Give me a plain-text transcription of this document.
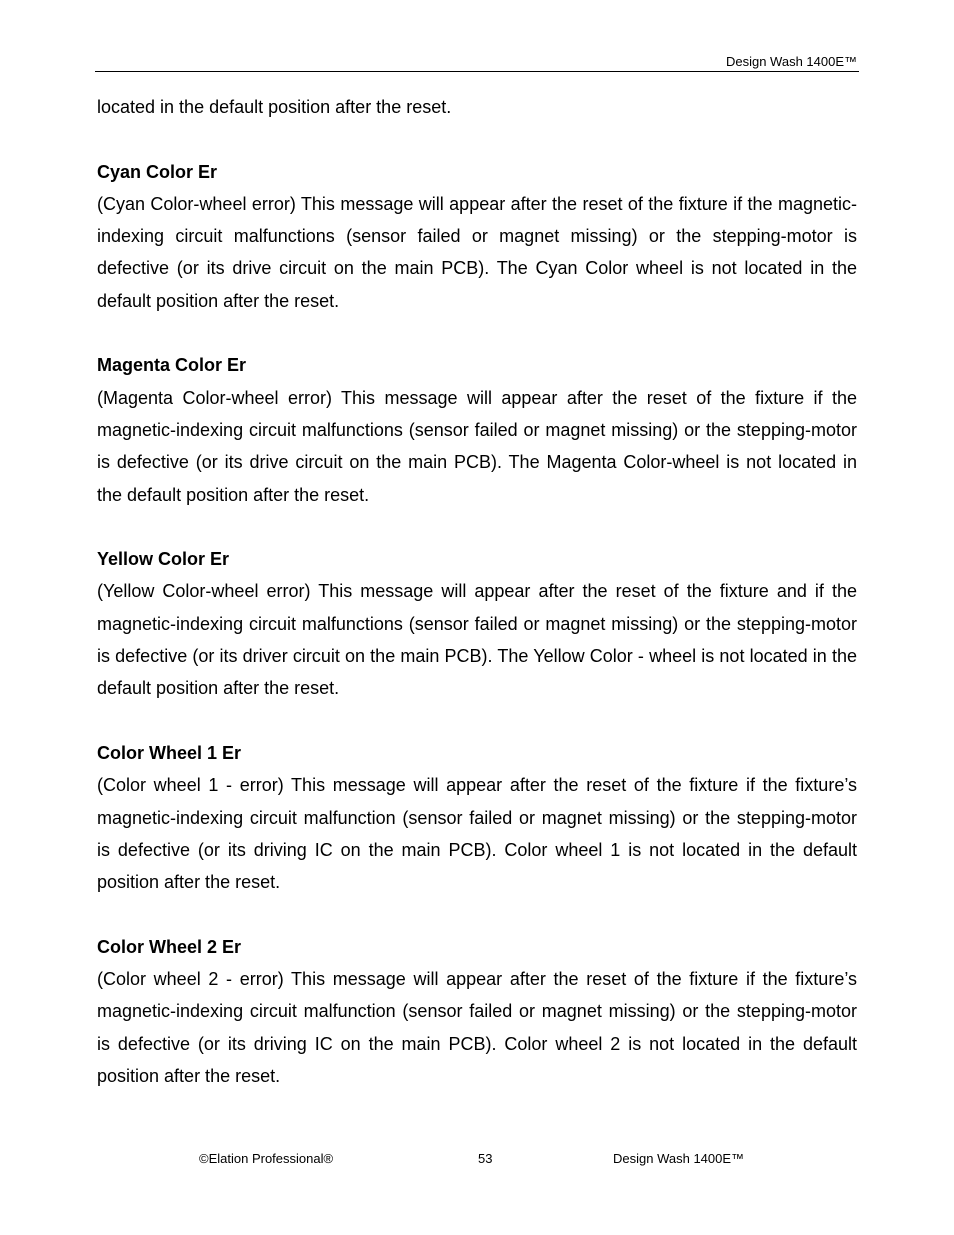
Design Wash 1400E™

located in the default position after the reset.

Cyan Color Er

(Cyan Color-wheel error) This message will appear after the reset of the fixture if the magnetic-indexing circuit malfunctions (sensor failed or magnet missing) or the stepping-motor is defective (or its drive circuit on the main PCB). The Cyan Color wheel is not located in the default position after the reset.

Magenta Color Er

(Magenta Color-wheel error) This message will appear after the reset of the fixture if the magnetic-indexing circuit malfunctions (sensor failed or magnet missing) or the stepping-motor is defective (or its drive circuit on the main PCB). The Magenta Color-wheel is not located in the default position after the reset.

Yellow Color Er

(Yellow Color-wheel error) This message will appear after the reset of the fixture and if the magnetic-indexing circuit malfunctions (sensor failed or magnet missing) or the stepping-motor is defective (or its driver circuit on the main PCB). The Yellow Color - wheel is not located in the default position after the reset.

Color Wheel 1 Er

(Color wheel 1 - error) This message will appear after the reset of the fixture if the fixture’s magnetic-indexing circuit malfunction (sensor failed or magnet missing) or the stepping-motor is defective (or its driving IC on the main PCB). Color wheel 1 is not located in the default position after the reset.

Color Wheel 2 Er

(Color wheel 2 - error) This message will appear after the reset of the fixture if the fixture’s magnetic-indexing circuit malfunction (sensor failed or magnet missing) or the stepping-motor is defective (or its driving IC on the main PCB). Color wheel 2 is not located in the default position after the reset.

©Elation Professional®	53	Design Wash 1400E™
